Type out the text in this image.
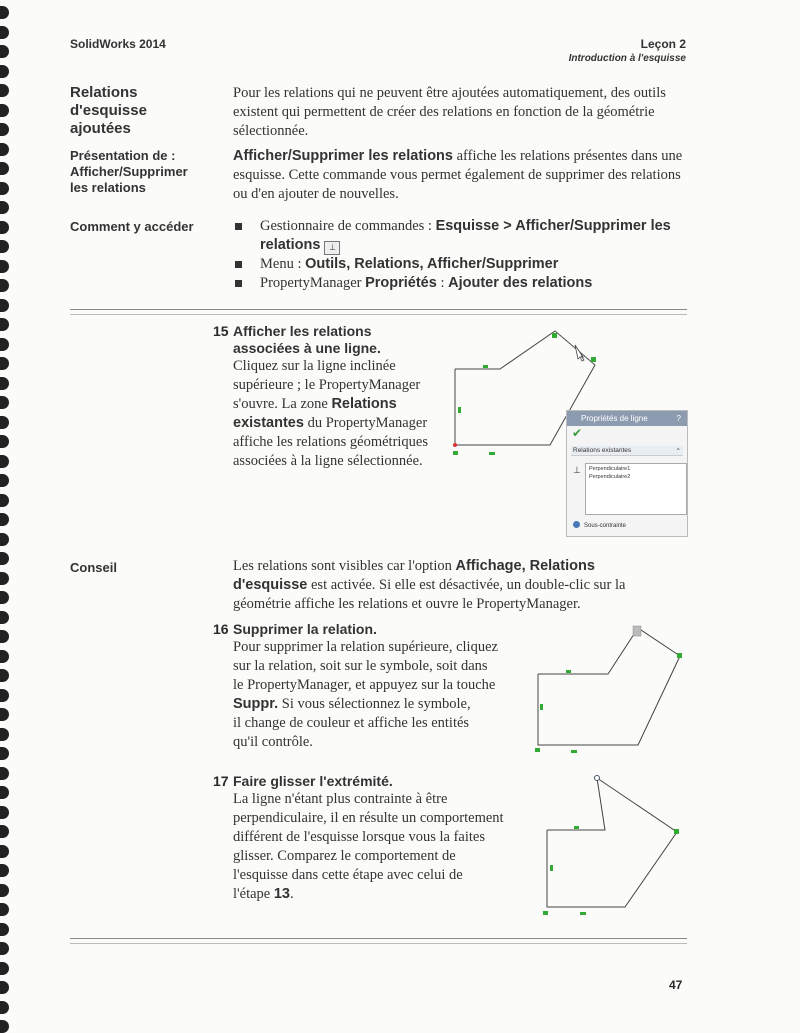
SolidWorks 2014	Leçon 2
Introduction à l'esquisse
Relations
d'esquisse
ajoutées
Pour les relations qui ne peuvent être ajoutées automatiquement, des outils existent qui permettent de créer des relations en fonction de la géométrie sélectionnée.
Présentation de :
Afficher/Supprimer
les relations
Afficher/Supprimer les relations affiche les relations présentes dans une esquisse. Cette commande vous permet également de supprimer des relations ou d'en ajouter de nouvelles.
Comment y accéder	Gestionnaire de commandes : Esquisse > Afficher/Supprimer les relations ⊥
Menu : Outils, Relations, Afficher/Supprimer
PropertyManager Propriétés : Ajouter des relations
15 Afficher les relations
associées à une ligne.
Cliquez sur la ligne inclinée
supérieure ; le PropertyManager
s'ouvre. La zone Relations
existantes du PropertyManager
affiche les relations géométriques
associées à la ligne sélectionnée.
Propriétés de ligne	?
✔
Relations existantes	⌃
⊥ Perpendiculaire1
Perpendiculaire2
Sous-contrainte
Conseil	Les relations sont visibles car l'option Affichage, Relations
d'esquisse est activée. Si elle est désactivée, un double-clic sur la
géométrie affiche les relations et ouvre le PropertyManager.
16 Supprimer la relation.
Pour supprimer la relation supérieure, cliquez
sur la relation, soit sur le symbole, soit dans
le PropertyManager, et appuyez sur la touche
Suppr. Si vous sélectionnez le symbole,
il change de couleur et affiche les entités
qu'il contrôle.
17 Faire glisser l'extrémité.
La ligne n'étant plus contrainte à être
perpendiculaire, il en résulte un comportement
différent de l'esquisse lorsque vous la faites
glisser. Comparez le comportement de
l'esquisse dans cette étape avec celui de
l'étape 13.
47
